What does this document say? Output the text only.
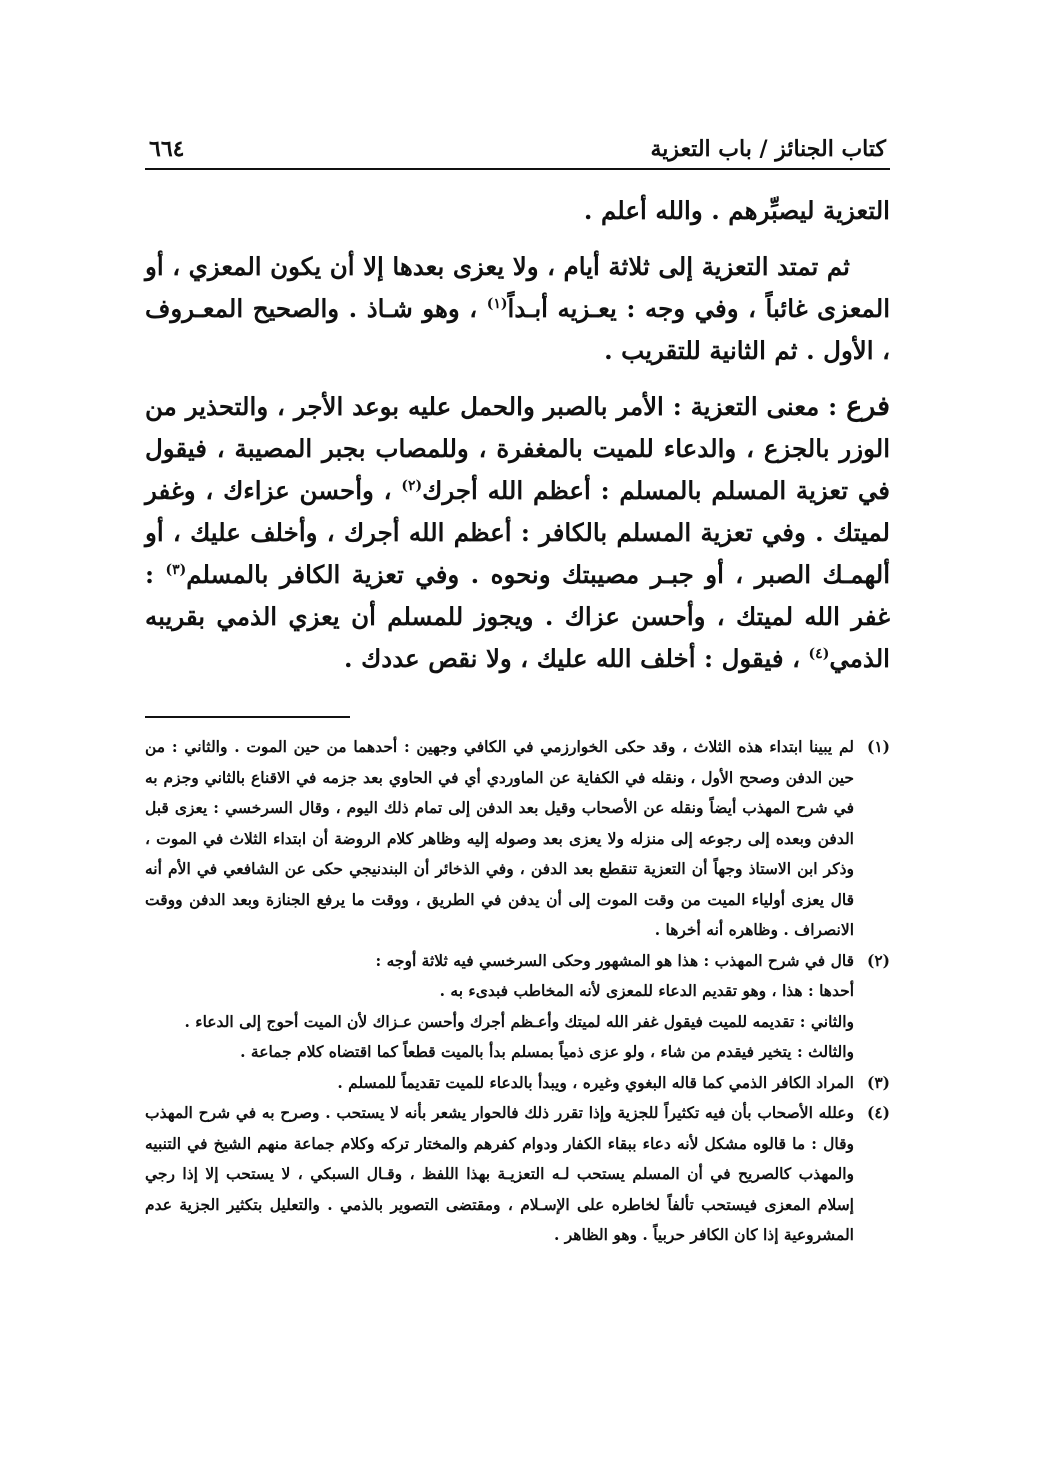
كتاب الجنائز / باب التعزية
٦٦٤

التعزية ليصبِّرهم . والله أعلم .

ثم تمتد التعزية إلى ثلاثة أيام ، ولا يعزى بعدها إلا أن يكون المعزي ، أو المعزى غائباً ، وفي وجه : يعـزيه أبـداً$^{(١)}$ ، وهو شـاذ . والصحيح المعـروف ، الأول . ثم الثانية للتقريب .

فرع : معنى التعزية : الأمر بالصبر والحمل عليه بوعد الأجر ، والتحذير من الوزر بالجزع ، والدعاء للميت بالمغفرة ، وللمصاب بجبر المصيبة ، فيقول في تعزية المسلم بالمسلم : أعظم الله أجرك$^{(٢)}$ ، وأحسن عزاءك ، وغفر لميتك . وفي تعزية المسلم بالكافر : أعظم الله أجرك ، وأخلف عليك ، أو ألهمـك الصبر ، أو جبـر مصيبتك ونحوه . وفي تعزية الكافر بالمسلم$^{(٣)}$ : غفر الله لميتك ، وأحسن عزاك . ويجوز للمسلم أن يعزي الذمي بقريبه الذمي$^{(٤)}$ ، فيقول : أخلف الله عليك ، ولا نقص عددك .

(١)
لم يبينا ابتداء هذه الثلاث ، وقد حكى الخوارزمي في الكافي وجهين : أحدهما من حين الموت . والثاني : من حين الدفن وصحح الأول ، ونقله في الكفاية عن الماوردي أي في الحاوي بعد جزمه في الاقناع بالثاني وجزم به في شرح المهذب أيضاً ونقله عن الأصحاب وقيل بعد الدفن إلى تمام ذلك اليوم ، وقال السرخسي : يعزى قبل الدفن وبعده إلى رجوعه إلى منزله ولا يعزى بعد وصوله إليه وظاهر كلام الروضة أن ابتداء الثلاث في الموت ، وذكر ابن الاستاذ وجهاً أن التعزية تنقطع بعد الدفن ، وفي الذخائر أن البندنيجي حكى عن الشافعي في الأم أنه قال يعزى أولياء الميت من وقت الموت إلى أن يدفن في الطريق ، ووقت ما يرفع الجنازة وبعد الدفن ووقت الانصراف . وظاهره أنه أخرها .
(٢)
قال في شرح المهذب : هذا هو المشهور وحكى السرخسي فيه ثلاثة أوجه :
أحدها : هذا ، وهو تقديم الدعاء للمعزى لأنه المخاطب فبدىء به .
والثاني : تقديمه للميت فيقول غفر الله لميتك وأعـظم أجرك وأحسن عـزاك لأن الميت أحوج إلى الدعاء .
والثالث : يتخير فيقدم من شاء ، ولو عزى ذمياً بمسلم بدأ بالميت قطعاً كما اقتضاه كلام جماعة .
(٣)
المراد الكافر الذمي كما قاله البغوي وغيره ، ويبدأ بالدعاء للميت تقديماً للمسلم .
(٤)
وعلله الأصحاب بأن فيه تكثيراً للجزية وإذا تقرر ذلك فالحوار يشعر بأنه لا يستحب . وصرح به في شرح المهذب وقال : ما قالوه مشكل لأنه دعاء ببقاء الكفار ودوام كفرهم والمختار تركه وكلام جماعة منهم الشيخ في التنبيه والمهذب كالصريح في أن المسلم يستحب لـه التعزيـة بهذا اللفظ ، وقـال السبكي ، لا يستحب إلا إذا رجي إسلام المعزى فيستحب تألفاً لخاطره على الإسـلام ، ومقتضى التصوير بالذمي . والتعليل بتكثير الجزية عدم المشروعية إذا كان الكافر حربياً . وهو الظاهر .
